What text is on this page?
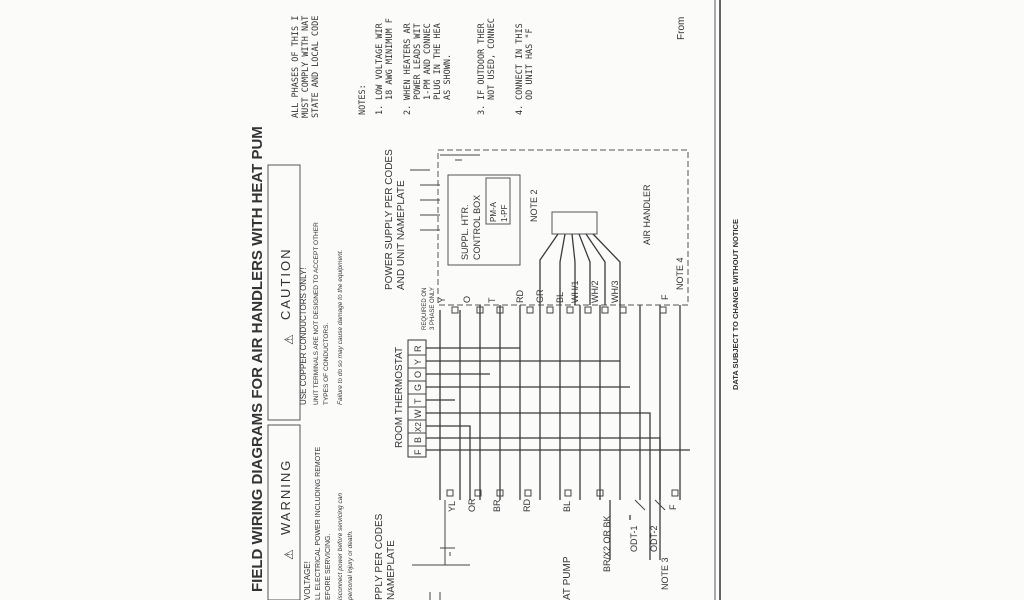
FIELD WIRING DIAGRAMS FOR AIR HANDLERS WITH HEAT PUM	DATA SUBJECT TO CHANGE WITHOUT NOTICE
From
⚠
WARNING
VOLTAGE! LL ELECTRICAL POWER INCLUDING REMOTE EFORE SERVICING. isconnect power before servicing can personal injury or death.
⚠
CAUTION USE COPPER CONDUCTORS ONLY! UNIT TERMINALS ARE NOT DESIGNED TO ACCEPT OTHER TYPES OF CONDUCTORS. Failure to do so may cause damage to the equipment.
ALL PHASES OF THIS I MUST COMPLY WITH NAT STATE AND LOCAL CODE	NOTES: 1.
LOW VOLTAGE WIR 18 AWG MINIMUM F
2.
WHEN HEATERS AR POWER LEADS WIT 1-PM AND CONNEC PLUG IN THE HEA AS SHOWN.
3.
IF OUTDOOR THER NOT USED, CONNEC
4.
CONNECT IN THIS OD UNIT HAS "F
PPLY PER CODES NAMEPLATE
ROOM THERMOSTAT
F
B
X2
W
T
G
O
Y
R
AT PUMP
YL OR BR RD	BL
BR/X2 OR BK ODT-1 ODT-2
F
NOTE 3
POWER SUPPLY PER CODES AND UNIT NAMEPLATE	SUPPL. HTR. CONTROL BOX PM-A 1-PF NOTE 2
REQUIRED ON 3 PHASE ONLY Y O T RD GR BL WH/1 WH/2 WH/3	F
AIR HANDLER
NOTE 4
